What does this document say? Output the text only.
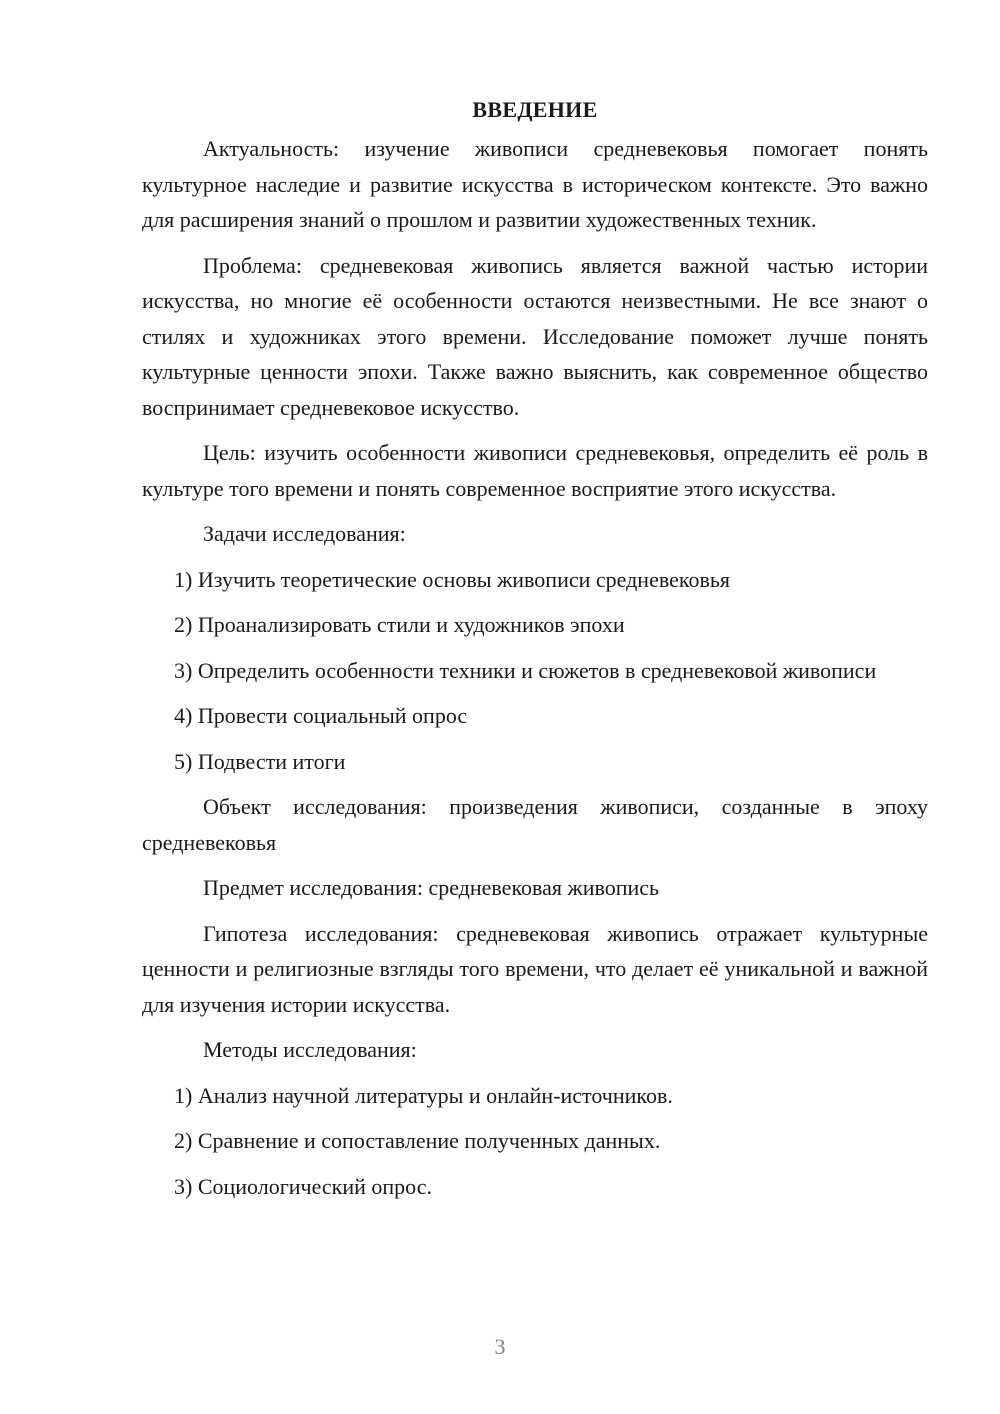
ВВЕДЕНИЕ

Актуальность: изучение живописи средневековья помогает понять культурное наследие и развитие искусства в историческом контексте. Это важно для расширения знаний о прошлом и развитии художественных техник.

Проблема: средневековая живопись является важной частью истории искусства, но многие её особенности остаются неизвестными. Не все знают о стилях и художниках этого времени. Исследование поможет лучше понять культурные ценности эпохи. Также важно выяснить, как современное общество воспринимает средневековое искусство.

Цель: изучить особенности живописи средневековья, определить её роль в культуре того времени и понять современное восприятие этого искусства.

Задачи исследования:

1) Изучить теоретические основы живописи средневековья

2) Проанализировать стили и художников эпохи

3) Определить особенности техники и сюжетов в средневековой живописи

4) Провести социальный опрос

5) Подвести итоги

Объект исследования: произведения живописи, созданные в эпоху средневековья

Предмет исследования: средневековая живопись

Гипотеза исследования: средневековая живопись отражает культурные ценности и религиозные взгляды того времени, что делает её уникальной и важной для изучения истории искусства.

Методы исследования:

1) Анализ научной литературы и онлайн-источников.

2) Сравнение и сопоставление полученных данных.

3) Социологический опрос.

3
